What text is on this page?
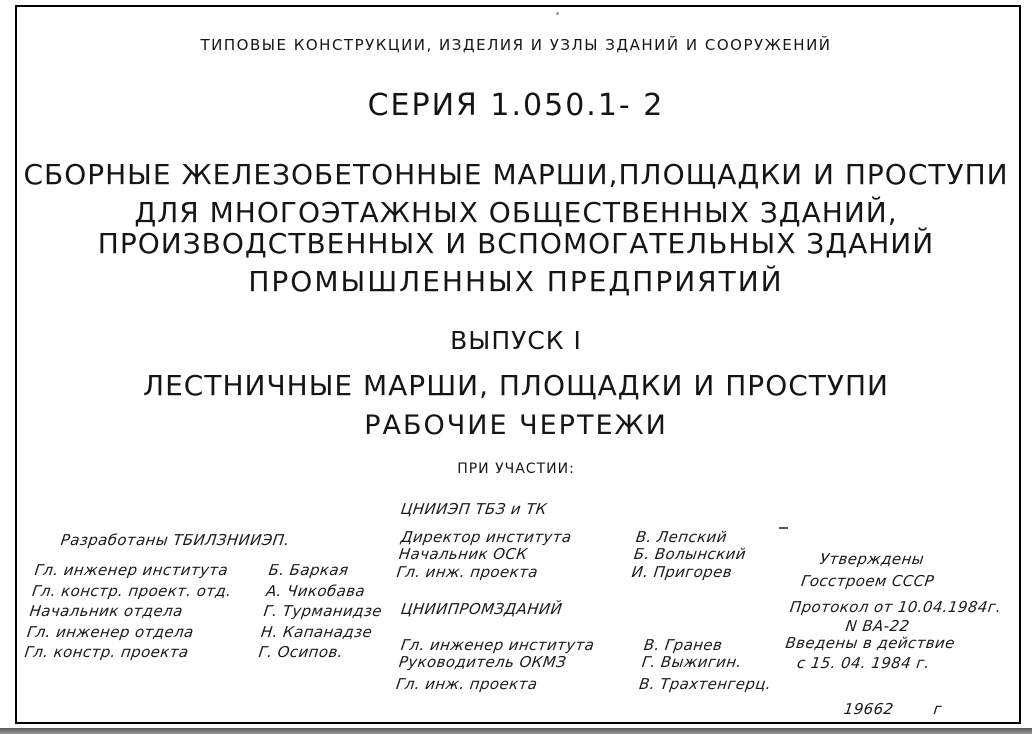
ТИПОВЫЕ КОНСТРУКЦИИ, ИЗДЕЛИЯ И УЗЛЫ ЗДАНИЙ И СООРУЖЕНИЙ
СЕРИЯ 1.050.1- 2
СБОРНЫЕ ЖЕЛЕЗОБЕТОННЫЕ МАРШИ,ПЛОЩАДКИ И ПРОСТУПИ
ДЛЯ МНОГОЭТАЖНЫХ ОБЩЕСТВЕННЫХ ЗДАНИЙ,
ПРОИЗВОДСТВЕННЫХ И ВСПОМОГАТЕЛЬНЫХ ЗДАНИЙ
ПРОМЫШЛЕННЫХ ПРЕДПРИЯТИЙ
ВЫПУСК I
ЛЕСТНИЧНЫЕ МАРШИ, ПЛОЩАДКИ И ПРОСТУПИ
РАБОЧИЕ ЧЕРТЕЖИ
ПРИ УЧАСТИИ:
Разработаны ТБИЛЗНИИЭП.
Гл. инженер института	Б. Баркая
Гл. констр. проект. отд.	А. Чикобава
Начальник отдела	Г. Турманидзе
Гл. инженер отдела	Н. Капанадзе
Гл. констр. проекта	Г. Осипов.
ЦНИИЭП ТБЗ и ТК
Директор института	В. Лепский
Начальник ОСК	Б. Волынский
Гл. инж. проекта	И. Пригорев
ЦНИИПРОМЗДАНИЙ
Гл. инженер института	В. Гранев
Руководитель ОКМЗ	Г. Выжигин.
Гл. инж. проекта	В. Трахтенгерц.
Утверждены
Госстроем СССР
Протокол от 10.04.1984г.
N ВА-22
Введены в действие
с 15. 04. 1984 г.
19662	г
